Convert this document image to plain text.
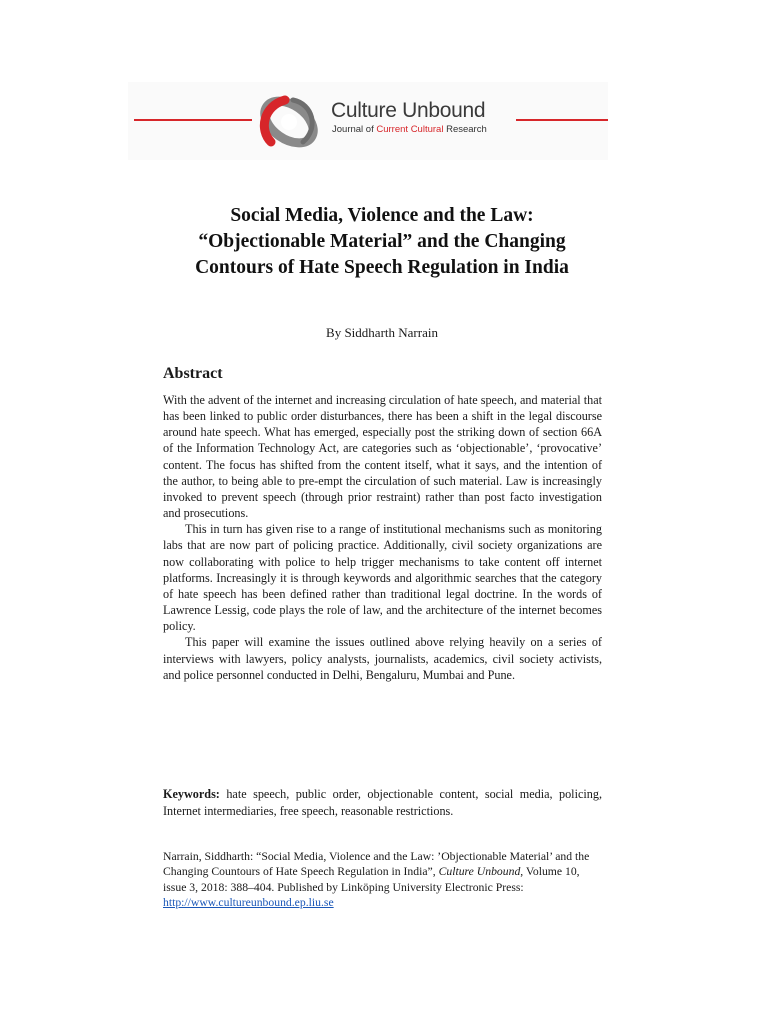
Culture Unbound
Journal of Current Cultural Research
Social Media, Violence and the Law:
“Objectionable Material” and the Changing
Contours of Hate Speech Regulation in India
By Siddharth Narrain
Abstract

With the advent of the internet and increasing circulation of hate speech, and material that has been linked to public order disturbances, there has been a shift in the legal discourse around hate speech. What has emerged, especially post the striking down of section 66A of the Information Technology Act, are categories such as ‘objectionable’, ‘provocative’ content. The focus has shifted from the content itself, what it says, and the intention of the author, to being able to pre-empt the circulation of such material. Law is increasingly invoked to prevent speech (through prior restraint) rather than post facto investigation and prosecutions.

This in turn has given rise to a range of institutional mechanisms such as monitoring labs that are now part of policing practice. Additionally, civil society organizations are now collaborating with police to help trigger mechanisms to take content off internet platforms. Increasingly it is through keywords and algorithmic searches that the category of hate speech has been defined rather than traditional legal doctrine. In the words of Lawrence Lessig, code plays the role of law, and the architecture of the internet becomes policy.

This paper will examine the issues outlined above relying heavily on a series of interviews with lawyers, policy analysts, journalists, academics, civil society activists, and police personnel conducted in Delhi, Bengaluru, Mumbai and Pune.

Keywords: hate speech, public order, objectionable content, social media, policing, Internet intermediaries, free speech, reasonable restrictions.
Narrain, Siddharth: “Social Media, Violence and the Law: ’Objectionable Material’ and the Changing Countours of Hate Speech Regulation in India”, Culture Unbound, Volume 10, issue 3, 2018: 388–404. Published by Linköping University Electronic Press: http://www.cultureunbound.ep.liu.se
